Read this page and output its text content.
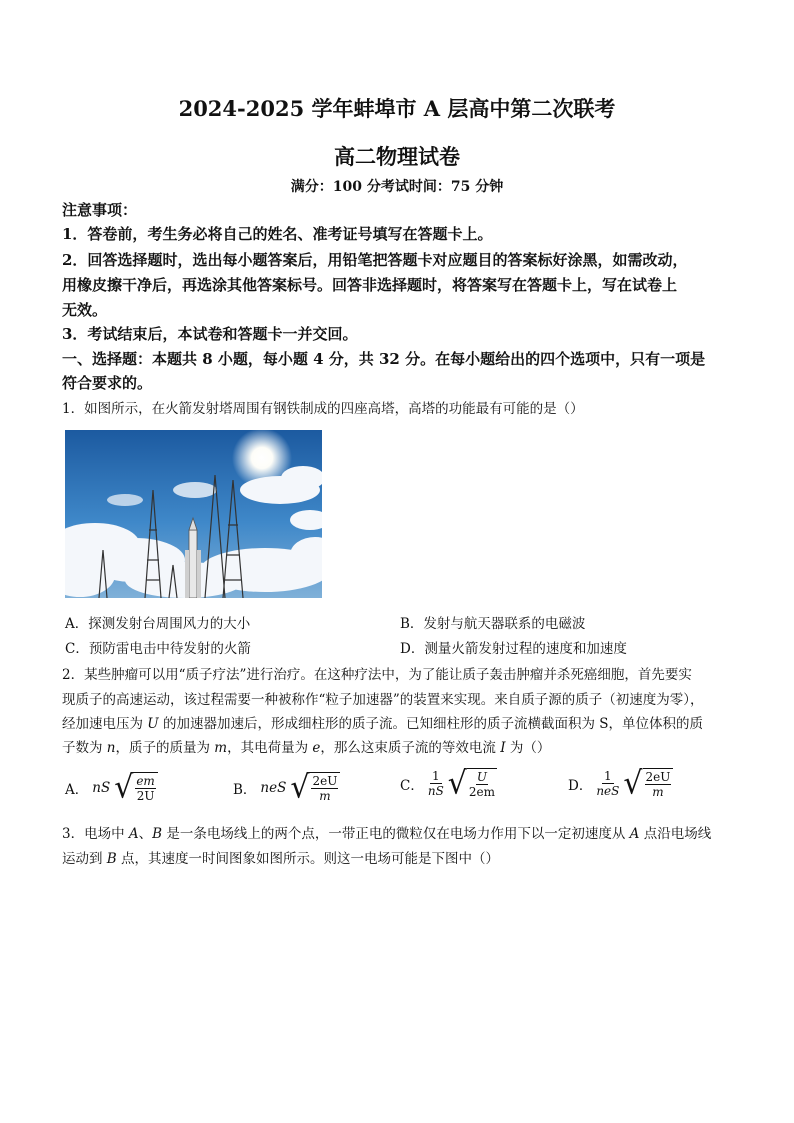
2024-2025 学年蚌埠市 A 层高中第二次联考
高二物理试卷
满分：100 分考试时间：75 分钟
注意事项：
1．答卷前，考生务必将自己的姓名、准考证号填写在答题卡上。
2．回答选择题时，选出每小题答案后，用铅笔把答题卡对应题目的答案标好涂黑，如需改动，
用橡皮擦干净后，再选涂其他答案标号。回答非选择题时，将答案写在答题卡上，写在试卷上
无效。
3．考试结束后，本试卷和答题卡一并交回。
一、选择题：本题共 8 小题，每小题 4 分，共 32 分。在每小题给出的四个选项中，只有一项是
符合要求的。
1．如图所示，在火箭发射塔周围有钢铁制成的四座高塔，高塔的功能最有可能的是（）
A．探测发射台周围风力的大小	B．发射与航天器联系的电磁波
C．预防雷电击中待发射的火箭	D．测量火箭发射过程的速度和加速度
2．某些肿瘤可以用“质子疗法”进行治疗。在这种疗法中，为了能让质子轰击肿瘤并杀死癌细胞，首先要实
现质子的高速运动，该过程需要一种被称作“粒子加速器”的装置来实现。来自质子源的质子（初速度为零），
经加速电压为 U 的加速器加速后，形成细柱形的质子流。已知细柱形的质子流横截面积为 S，单位体积的质
子数为 n，质子的质量为 m，其电荷量为 e，那么这束质子流的等效电流 I 为（）
A． nS √ $\frac{em}{2U}$	B． neS √ $\frac{2eU}{m}$	C． $\frac{1}{nS}$ √ $\frac{U}{2em}$	D． $\frac{1}{\text{neS}}$ √ $\frac{2eU}{m}$
3．电场中 A、B 是一条电场线上的两个点，一带正电的微粒仅在电场力作用下以一定初速度从 A 点沿电场线
运动到 B 点，其速度一时间图象如图所示。则这一电场可能是下图中（）
